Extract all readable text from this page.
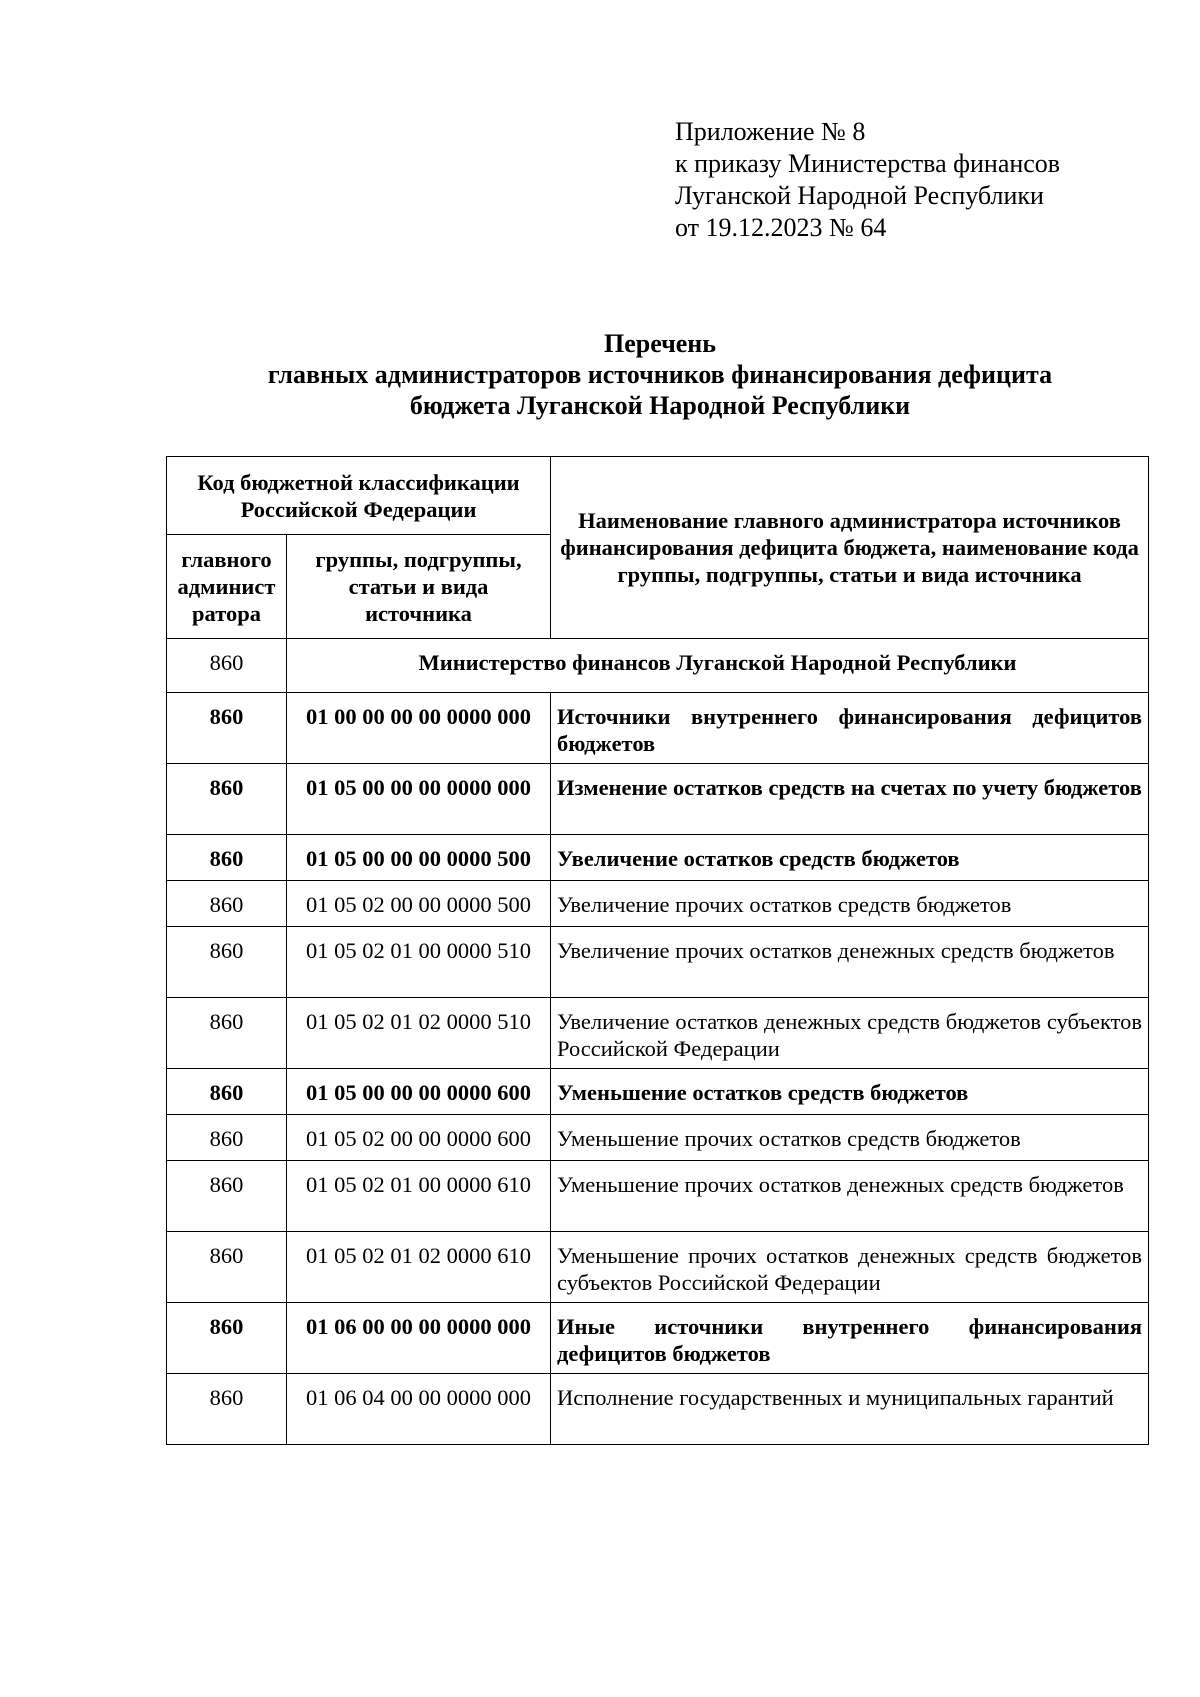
Приложение № 8
к приказу Министерства финансов
Луганской Народной Республики
от 19.12.2023 № 64
Перечень
главных администраторов источников финансирования дефицита
бюджета Луганской Народной Республики
Код бюджетной классификации Российской Федерации		Наименование главного администратора источников финансирования дефицита бюджета, наименование кода группы, подгруппы, статьи и вида источника
главного администратора	группы, подгруппы, статьи и вида источника	
860	Министерство финансов Луганской Народной Республики	
860	01 00 00 00 00 0000 000	Источники внутреннего финансирования дефицитов бюджетов
860	01 05 00 00 00 0000 000	Изменение остатков средств на счетах по учету бюджетов
860	01 05 00 00 00 0000 500	Увеличение остатков средств бюджетов
860	01 05 02 00 00 0000 500	Увеличение прочих остатков средств бюджетов
860	01 05 02 01 00 0000 510	Увеличение прочих остатков денежных средств бюджетов
860	01 05 02 01 02 0000 510	Увеличение остатков денежных средств бюджетов субъектов Российской Федерации
860	01 05 00 00 00 0000 600	Уменьшение остатков средств бюджетов
860	01 05 02 00 00 0000 600	Уменьшение прочих остатков средств бюджетов
860	01 05 02 01 00 0000 610	Уменьшение прочих остатков денежных средств бюджетов
860	01 05 02 01 02 0000 610	Уменьшение прочих остатков денежных средств бюджетов субъектов Российской Федерации
860	01 06 00 00 00 0000 000	Иные источники внутреннего финансирования дефицитов бюджетов
860	01 06 04 00 00 0000 000	Исполнение государственных и муниципальных гарантий
